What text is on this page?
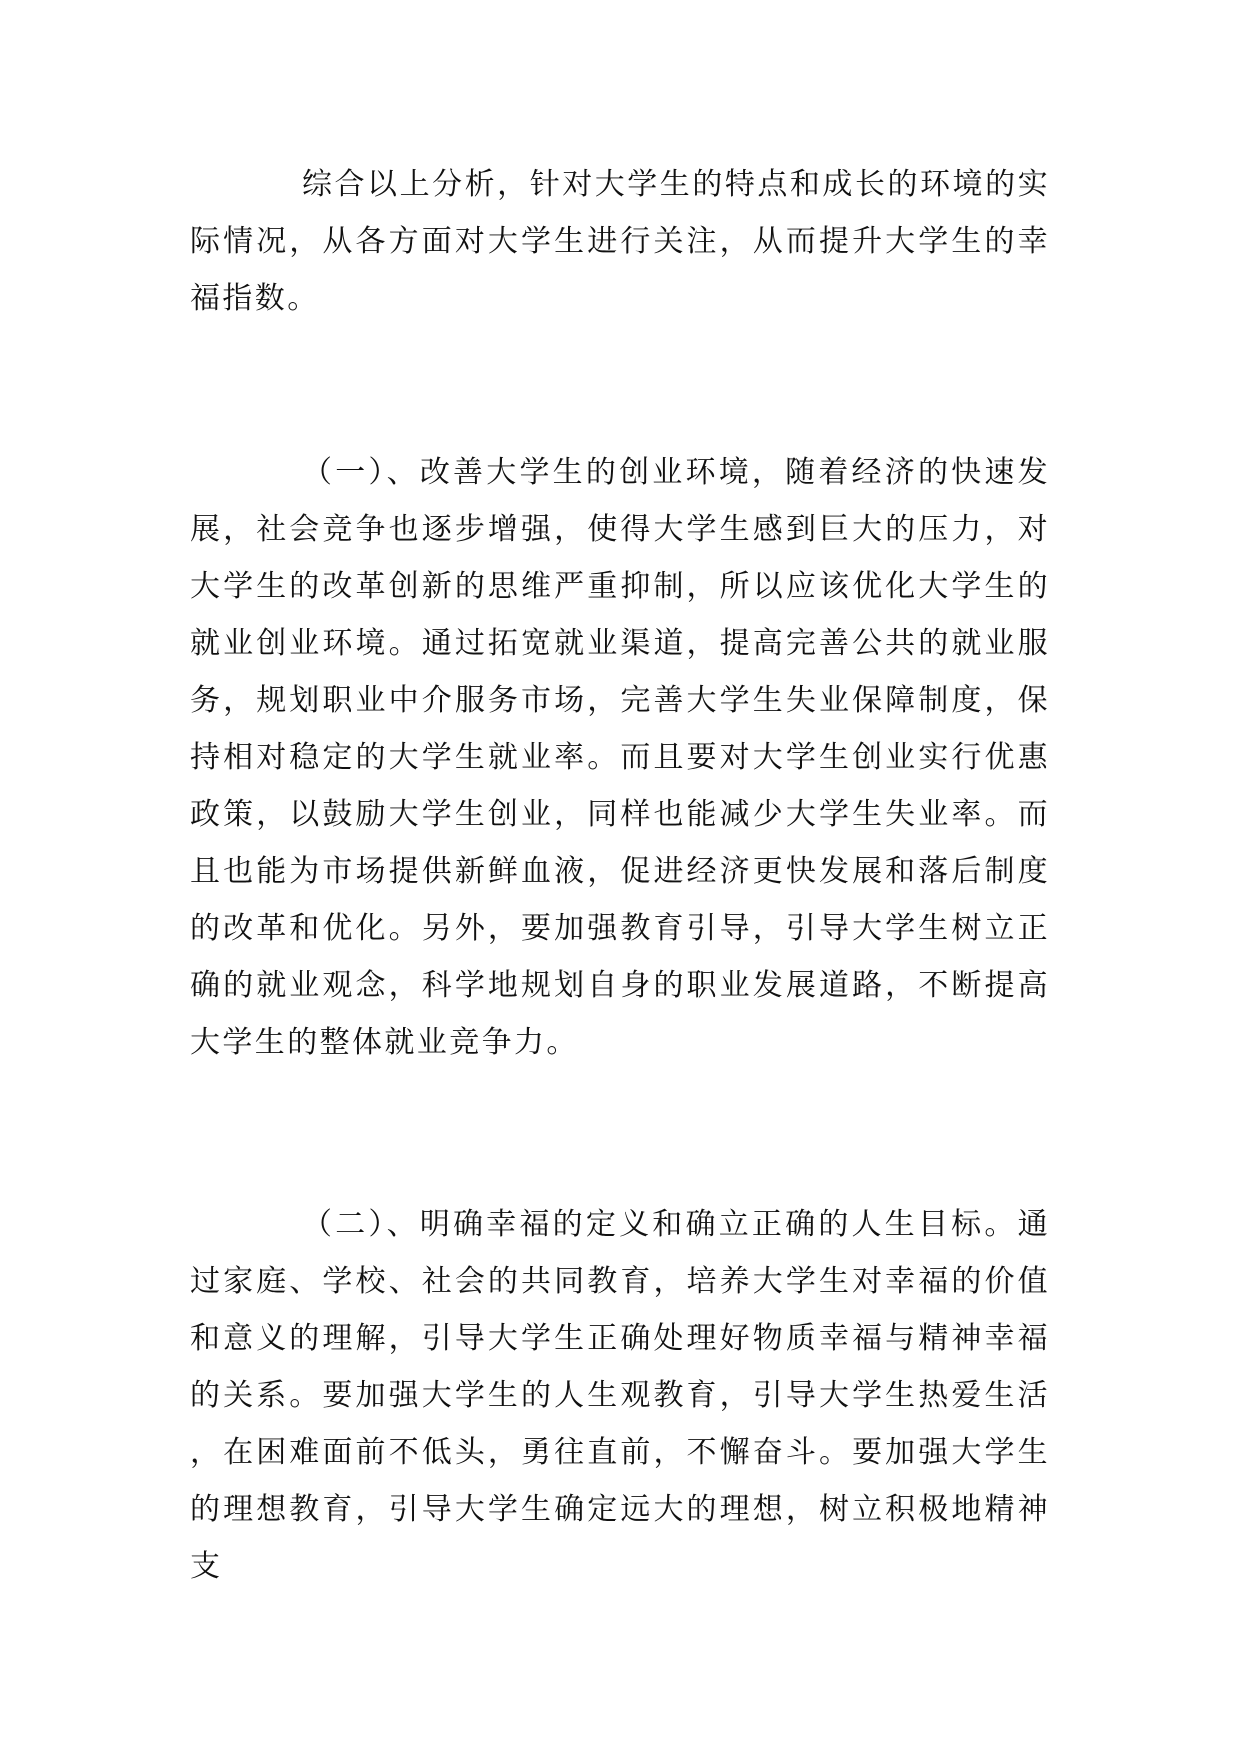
综合以上分析，针对大学生的特点和成长的环境的实际情况，从各方面对大学生进行关注，从而提升大学生的幸福指数。

（一）、改善大学生的创业环境，随着经济的快速发展，社会竞争也逐步增强，使得大学生感到巨大的压力，对大学生的改革创新的思维严重抑制，所以应该优化大学生的就业创业环境。通过拓宽就业渠道，提高完善公共的就业服务，规划职业中介服务市场，完善大学生失业保障制度，保持相对稳定的大学生就业率。而且要对大学生创业实行优惠政策，以鼓励大学生创业，同样也能减少大学生失业率。而且也能为市场提供新鲜血液，促进经济更快发展和落后制度的改革和优化。另外，要加强教育引导，引导大学生树立正确的就业观念，科学地规划自身的职业发展道路，不断提高大学生的整体就业竞争力。

（二）、明确幸福的定义和确立正确的人生目标。通过家庭、学校、社会的共同教育，培养大学生对幸福的价值和意义的理解，引导大学生正确处理好物质幸福与精神幸福的关系。要加强大学生的人生观教育，引导大学生热爱生活，在困难面前不低头，勇往直前，不懈奋斗。要加强大学生的理想教育，引导大学生确定远大的理想，树立积极地精神支
